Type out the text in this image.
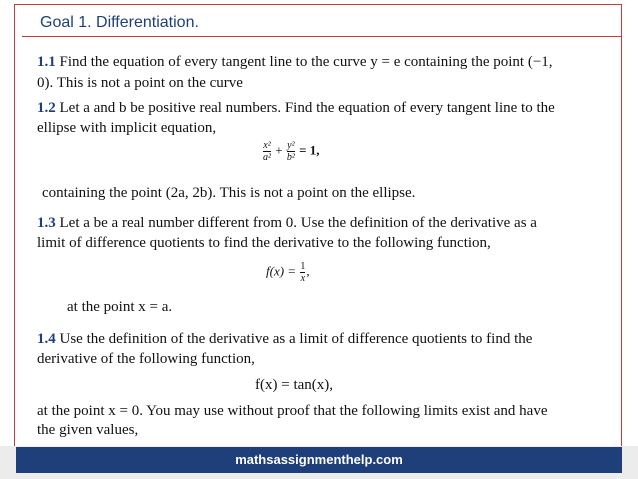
Goal 1. Differentiation.
1.1 Find the equation of every tangent line to the curve y = e containing the point (−1,
0). This is not a point on the curve
1.2 Let a and b be positive real numbers. Find the equation of every tangent line to the
ellipse with implicit equation,
$\frac{\text{x²}}{\text{a²}} + \frac{\text{y²}}{\text{b²}} = 1$,
containing the point (2a, 2b). This is not a point on the ellipse.
1.3 Let a be a real number different from 0. Use the definition of the derivative as a
limit of difference quotients to find the derivative to the following function,
$f(x) = \frac{1}{x}$ ,
at the point x = a.
1.4 Use the definition of the derivative as a limit of difference quotients to find the
derivative of the following function,
f(x) = tan(x),
at the point x = 0. You may use without proof that the following limits exist and have
the given values,
mathsassignmenthelp.com
